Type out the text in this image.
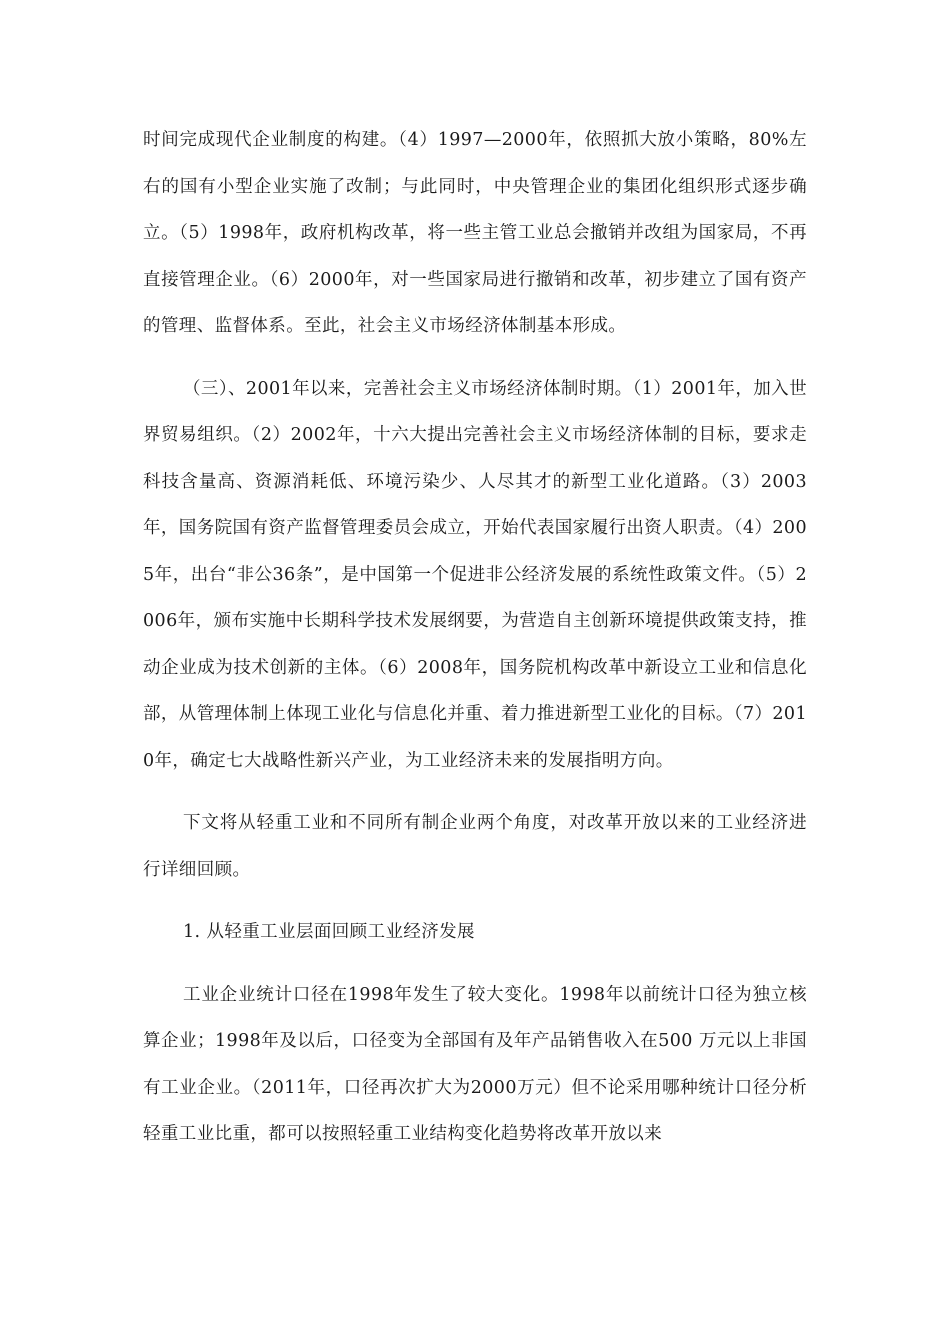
时间完成现代企业制度的构建。（4）1997—2000年，依照抓大放小策略，80%左右的国有小型企业实施了改制；与此同时，中央管理企业的集团化组织形式逐步确立。（5）1998年，政府机构改革，将一些主管工业总会撤销并改组为国家局，不再直接管理企业。（6）2000年，对一些国家局进行撤销和改革，初步建立了国有资产的管理、监督体系。至此，社会主义市场经济体制基本形成。

（三）、2001年以来，完善社会主义市场经济体制时期。（1）2001年，加入世界贸易组织。（2）2002年，十六大提出完善社会主义市场经济体制的目标，要求走科技含量高、资源消耗低、环境污染少、人尽其才的新型工业化道路。（3）2003年，国务院国有资产监督管理委员会成立，开始代表国家履行出资人职责。（4）2005年，出台“非公36条”，是中国第一个促进非公经济发展的系统性政策文件。（5）2006年，颁布实施中长期科学技术发展纲要，为营造自主创新环境提供政策支持，推动企业成为技术创新的主体。（6）2008年，国务院机构改革中新设立工业和信息化部，从管理体制上体现工业化与信息化并重、着力推进新型工业化的目标。（7）2010年，确定七大战略性新兴产业，为工业经济未来的发展指明方向。

下文将从轻重工业和不同所有制企业两个角度，对改革开放以来的工业经济进行详细回顾。

1. 从轻重工业层面回顾工业经济发展

工业企业统计口径在1998年发生了较大变化。1998年以前统计口径为独立核算企业；1998年及以后，口径变为全部国有及年产品销售收入在500 万元以上非国有工业企业。（2011年，口径再次扩大为2000万元）但不论采用哪种统计口径分析轻重工业比重，都可以按照轻重工业结构变化趋势将改革开放以来
